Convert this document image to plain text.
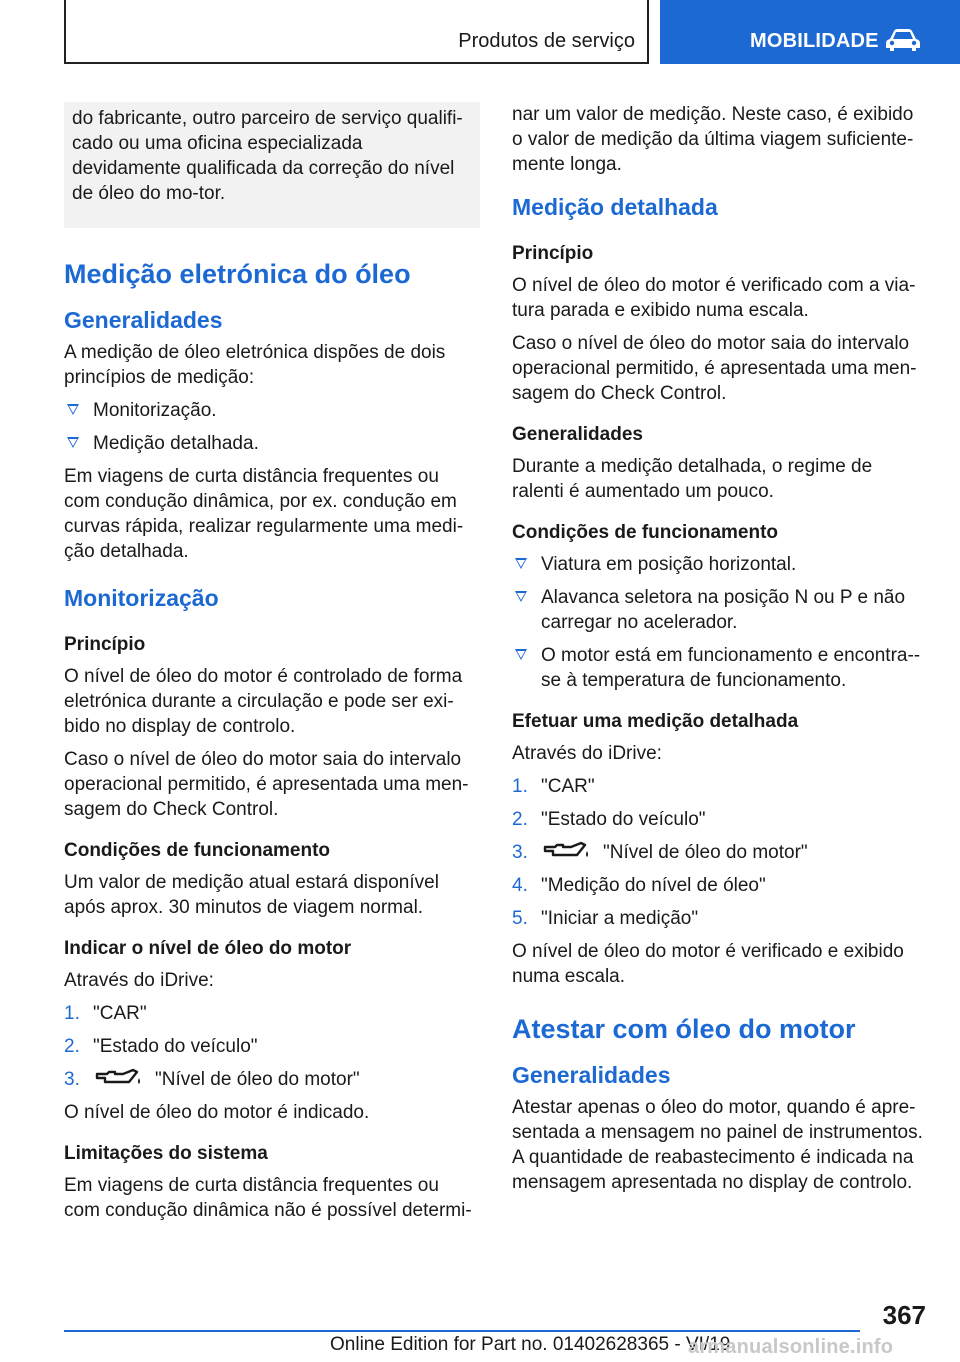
Produtos de serviço	MOBILIDADE

do fabricante, outro parceiro de serviço qualifi-cado ou uma oficina especializada devidamente qualificada da correção do nível de óleo do mo-tor.

Medição eletrónica do óleo
Generalidades

A medição de óleo eletrónica dispões de dois princípios de medição:

Monitorização.
Medição detalhada.

Em viagens de curta distância frequentes ou com condução dinâmica, por ex. condução em curvas rápida, realizar regularmente uma medi-ção detalhada.

Monitorização
Princípio

O nível de óleo do motor é controlado de forma eletrónica durante a circulação e pode ser exi-bido no display de controlo.

Caso o nível de óleo do motor saia do intervalo operacional permitido, é apresentada uma men-sagem do Check Control.

Condições de funcionamento

Um valor de medição atual estará disponível após aprox. 30 minutos de viagem normal.

Indicar o nível de óleo do motor

Através do iDrive:

1. "CAR"
2. "Estado do veículo"
3.	"Nível de óleo do motor"

O nível de óleo do motor é indicado.

Limitações do sistema

Em viagens de curta distância frequentes ou com condução dinâmica não é possível determi-

nar um valor de medição. Neste caso, é exibido o valor de medição da última viagem suficiente-mente longa.

Medição detalhada
Princípio

O nível de óleo do motor é verificado com a via-tura parada e exibido numa escala.

Caso o nível de óleo do motor saia do intervalo operacional permitido, é apresentada uma men-sagem do Check Control.

Generalidades

Durante a medição detalhada, o regime de ralenti é aumentado um pouco.

Condições de funcionamento
Viatura em posição horizontal.
Alavanca seletora na posição N ou P e não carregar no acelerador.
O motor está em funcionamento e encontra--se à temperatura de funcionamento.
Efetuar uma medição detalhada

Através do iDrive:

1. "CAR"
2. "Estado do veículo"
3.	"Nível de óleo do motor"
4. "Medição do nível de óleo"
5. "Iniciar a medição"

O nível de óleo do motor é verificado e exibido numa escala.

Atestar com óleo do motor
Generalidades

Atestar apenas o óleo do motor, quando é apre-sentada a mensagem no painel de instrumentos. A quantidade de reabastecimento é indicada na mensagem apresentada no display de controlo.

367
Online Edition for Part no. 01402628365 - VI/19
armanualsonline.info
